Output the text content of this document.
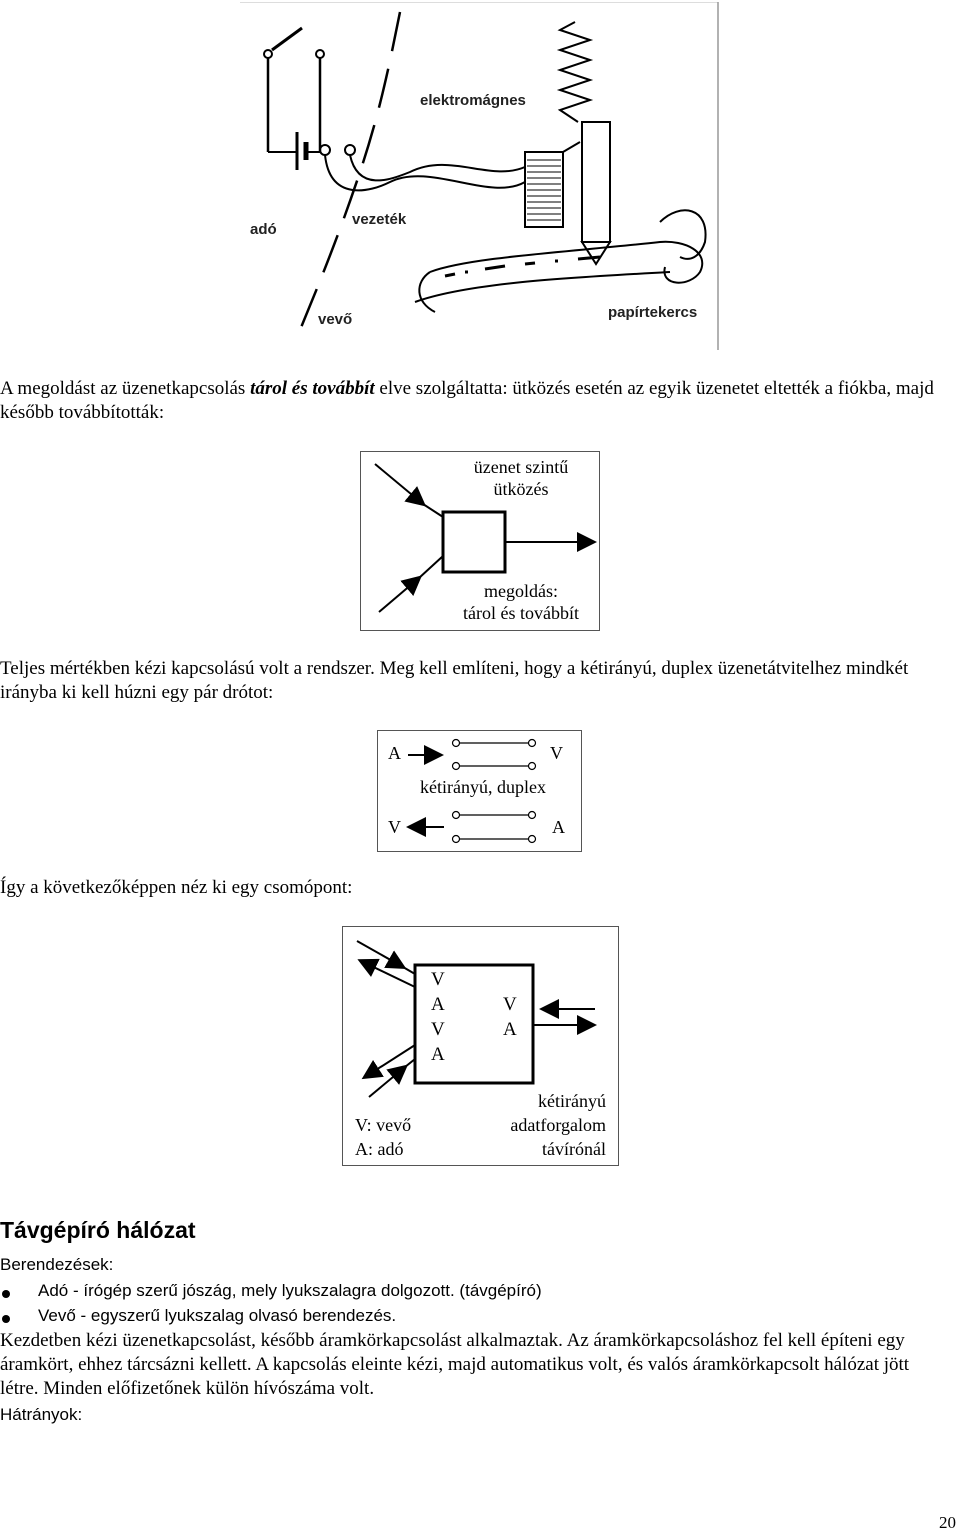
elektromágnes
vezeték
adó
vevő	papírtekercs
A megoldást az üzenetkapcsolás tárol és továbbít elve szolgáltatta: ütközés esetén az egyik üzenetet eltették a fiókba, majd később továbbították:
üzenet szintű
ütközés
megoldás:
tárol és továbbít
Teljes mértékben kézi kapcsolású volt a rendszer. Meg kell említeni, hogy a kétirányú, duplex üzenetátvitelhez mindkét irányba ki kell húzni egy pár drótot:
A	V
kétirányú, duplex
V	A
Így a következőképpen néz ki egy csomópont:
V
A
V
A
V
A
V: vevő
A: adó
kétirányú
adatforgalom
távírónál
Távgépíró hálózat
Berendezések:
Adó - írógép szerű jószág, mely lyukszalagra dolgozott. (távgépíró)
Vevő - egyszerű lyukszalag olvasó berendezés.
Kezdetben kézi üzenetkapcsolást, később áramkörkapcsolást alkalmaztak. Az áramkörkapcsoláshoz fel kell építeni egy áramkört, ehhez tárcsázni kellett. A kapcsolás eleinte kézi, majd automatikus volt, és valós áramkörkapcsolt hálózat jött létre. Minden előfizetőnek külön hívószáma volt.
Hátrányok:
20
